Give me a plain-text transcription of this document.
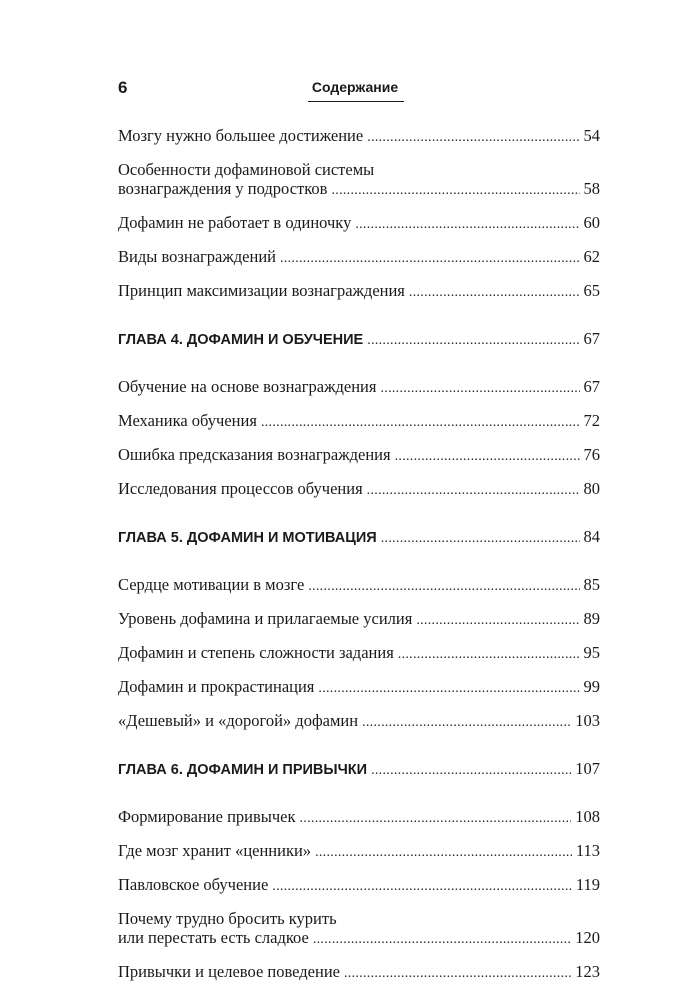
6	Содержание
Мозгу нужно большее достижение . . .	54
Особенности дофаминовой системы
вознаграждения у подростков . . .	58
Дофамин не работает в одиночку . . .	60
Виды вознаграждений . . .	62
Принцип максимизации вознаграждения . . .	65
ГЛАВА 4. ДОФАМИН И ОБУЧЕНИЕ . . .	67
Обучение на основе вознаграждения . . .	67
Механика обучения . . .	72
Ошибка предсказания вознаграждения . . .	76
Исследования процессов обучения . . .	80
ГЛАВА 5. ДОФАМИН И МОТИВАЦИЯ . . .	84
Сердце мотивации в мозге . . .	85
Уровень дофамина и прилагаемые усилия . . .	89
Дофамин и степень сложности задания . . .	95
Дофамин и прокрастинация . . .	99
«Дешевый» и «дорогой» дофамин . . .	103
ГЛАВА 6. ДОФАМИН И ПРИВЫЧКИ . . .	107
Формирование привычек . . .	108
Где мозг хранит «ценники» . . .	113
Павловское обучение . . .	119
Почему трудно бросить курить
или перестать есть сладкое . . .	120
Привычки и целевое поведение . . .	123
